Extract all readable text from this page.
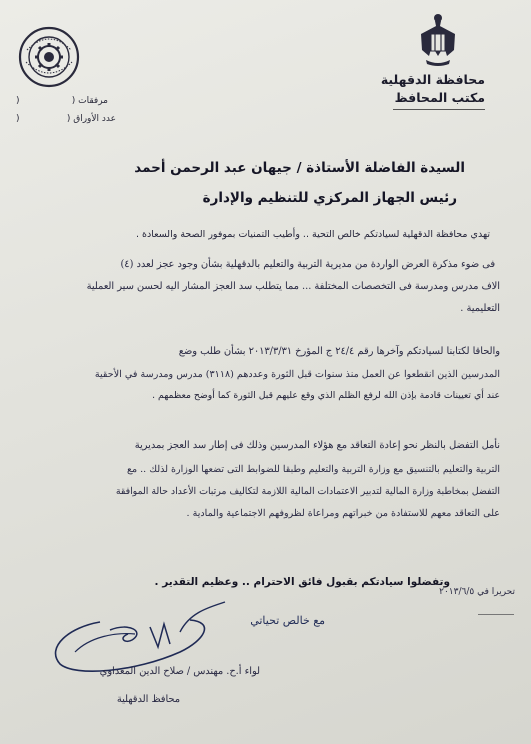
محافظة الدقهلية
مكتب المحافظ
)	مرفقات (
)	عدد الأوراق (
السيدة الفاضلة الأستاذة / جيهان عبد الرحمن أحمد
رئيس الجهاز المركزي للتنظيم والإدارة
تهدي محافظة الدقهلية لسيادتكم خالص التحية .. وأطيب التمنيات بموفور الصحة والسعادة .
فى ضوء مذكرة العرض الواردة من مديرية التربية والتعليم بالدقهلية بشأن وجود عجز لعدد (٤)
الاف مدرس ومدرسة فى التخصصات المختلفة ... مما يتطلب سد العجز المشار اليه لحسن سير العملية
التعليمية .
والحاقا لكتابنا لسيادتكم وآخرها رقم ٢٤/٤ ج المؤرخ ٢٠١٣/٣/٣١ بشأن طلب وضع
المدرسين الذين انقطعوا عن العمل منذ سنوات قبل الثورة وعددهم (٣١١٨) مدرس ومدرسة في الأحقية
عند أي تعيينات قادمة بإذن الله لرفع الظلم الذي وقع عليهم قبل الثورة كما أوضح معظمهم .
نأمل التفضل بالنظر نحو إعادة التعاقد مع هؤلاء المدرسين وذلك فى إطار سد العجز بمديرية
التربية والتعليم بالتنسيق مع وزارة التربية والتعليم وطبقا للضوابط التى تضعها الوزارة لذلك .. مع
التفضل بمخاطبة وزارة المالية لتدبير الاعتمادات المالية اللازمة لتكاليف مرتبات الأعداد حالة الموافقة
على التعاقد معهم للاستفادة من خبراتهم ومراعاة لظروفهم الاجتماعية والمادية .
وتفضلوا سيادتكم بقبول فائق الاحترام .. وعظيم التقدير .
تحريرا في ٢٠١٣/٦/٥
مع خالص تحياتي
لواء أ.ح. مهندس / صلاح الدين المعداوي
محافظ الدقهلية
